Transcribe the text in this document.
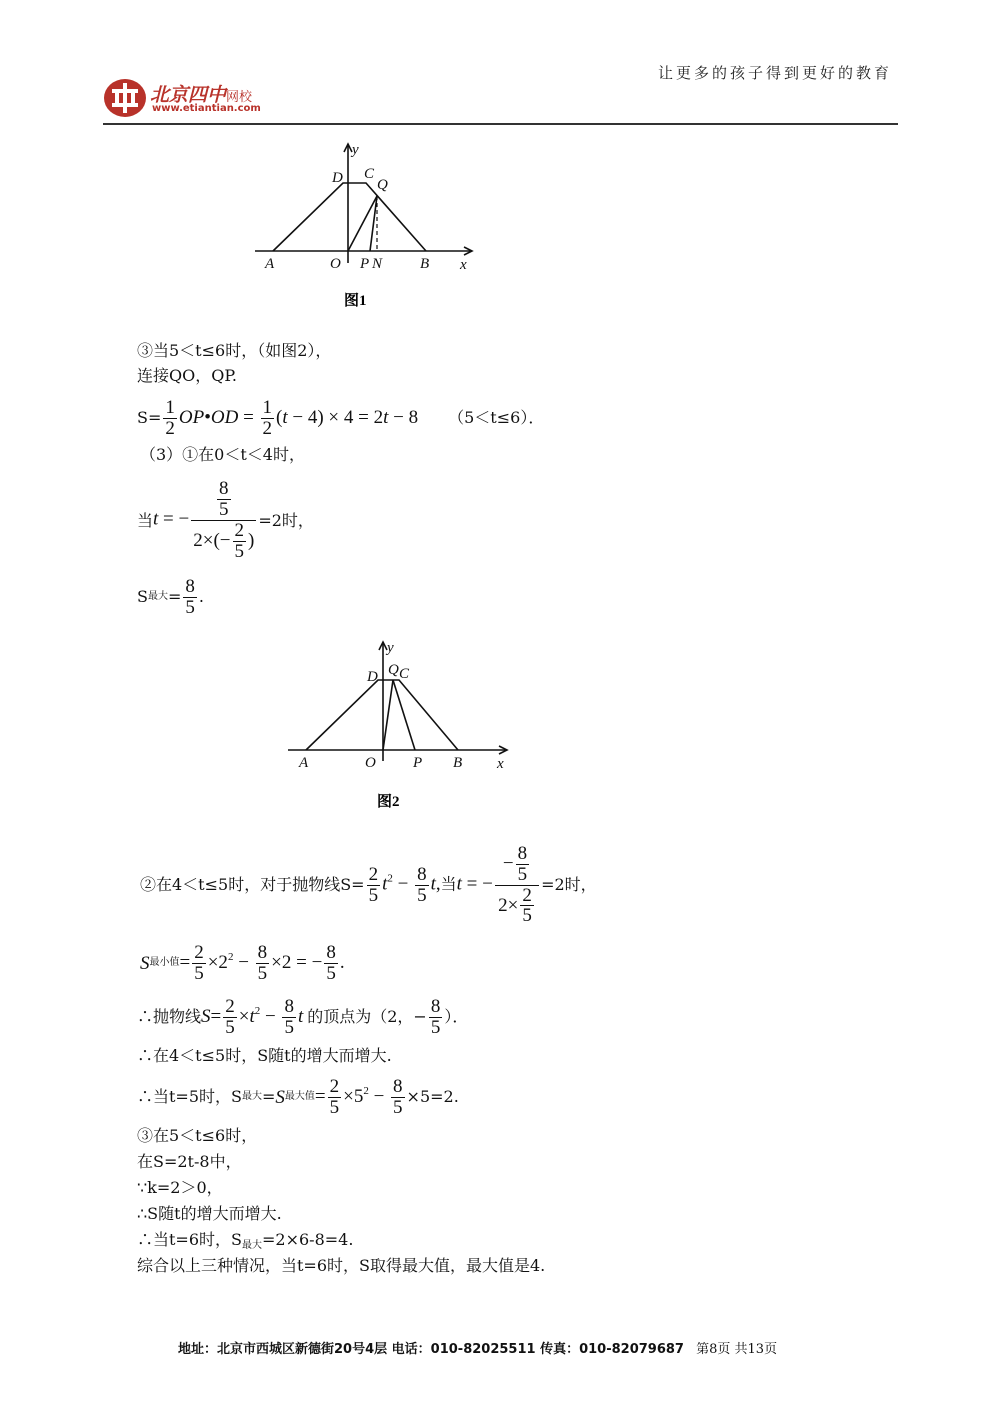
北京四中网校
www.etiantian.com
让更多的孩子得到更好的教育
y
x
D C
Q
A	O P N	B
图1
③当5＜t≤6时，（如图2），
连接QO，QP.
$S= \frac{1}{2}$ OP•OD = $\frac{1}{2} (t - 4) \times 4 = 2t - 8$ （5＜t≤6）．
（3）①在0＜t＜4时，
当 t = − $\frac{\frac{8}{5}}{2\times(- \frac{2}{5} )} =2$时，
S 最大 = $\frac{8}{5}$ .
y
x
D Q C
A	O P B
图2
②在4＜t≤5时，对于抛物线$S= \frac{2}{5} t^2 - \frac{8}{5} t$,当t = − $\frac{- \frac{8}{5}}{2\times \frac{2}{5}} =2$时，
S 最小值 = $\frac{2}{5} \times 2^2 - \frac{8}{5} \times 2$ = − $\frac{8}{5}$ .
∴抛物线 $S= \frac{2}{5} \times t^2 - \frac{8}{5}$ t 的顶点为（2，− $\frac{8}{5}$ ）．
∴在4＜t≤5时，S随t的增大而增大.
∴当t=5时，S 最大 = S 最大值 = $\frac{2}{5} \times 5^2 - \frac{8}{5} \times 5=2$.
③在5＜t≤6时，
在S=2t-8中，
∵k=2＞0，
∴S随t的增大而增大.
∴当t=6时，$S_{最大}=2\times 6-8=4$.
综合以上三种情况，当t=6时，S取得最大值，最大值是4.
地址：北京市西城区新德街20号4层 电话：010-82025511 传真：010-82079687 第8页 共13页
